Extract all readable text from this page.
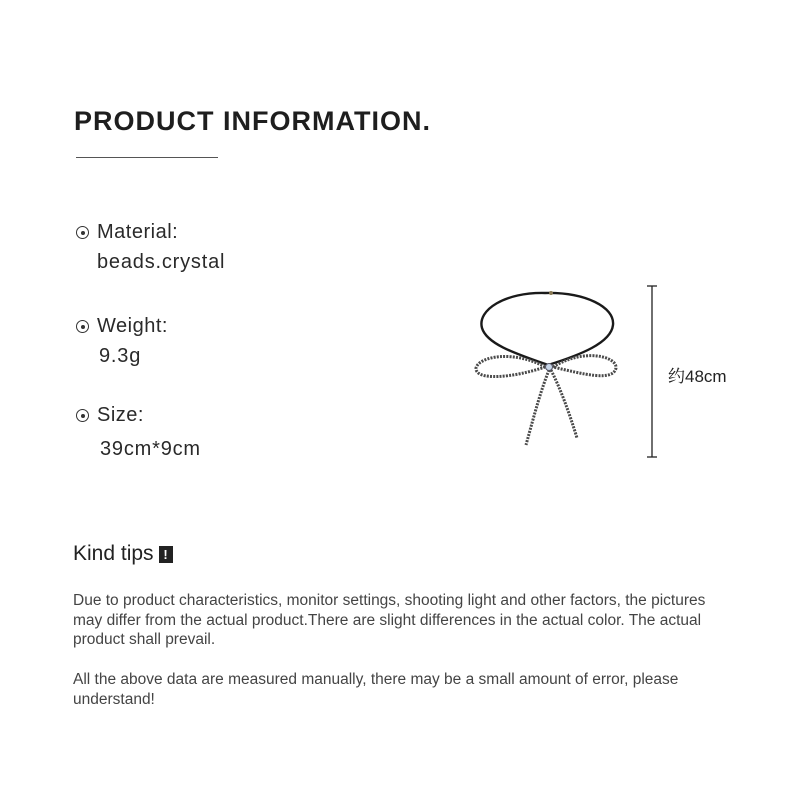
PRODUCT INFORMATION.
Material:
beads.crystal
Weight:
9.3g
Size:
39cm*9cm
约48cm
Kind tips !

Due to product characteristics, monitor settings, shooting light and other factors, the pictures may differ from the actual product.There are slight differences in the actual color. The actual product shall prevail.

All the above data are measured manually, there may be a small amount of error, please understand!
